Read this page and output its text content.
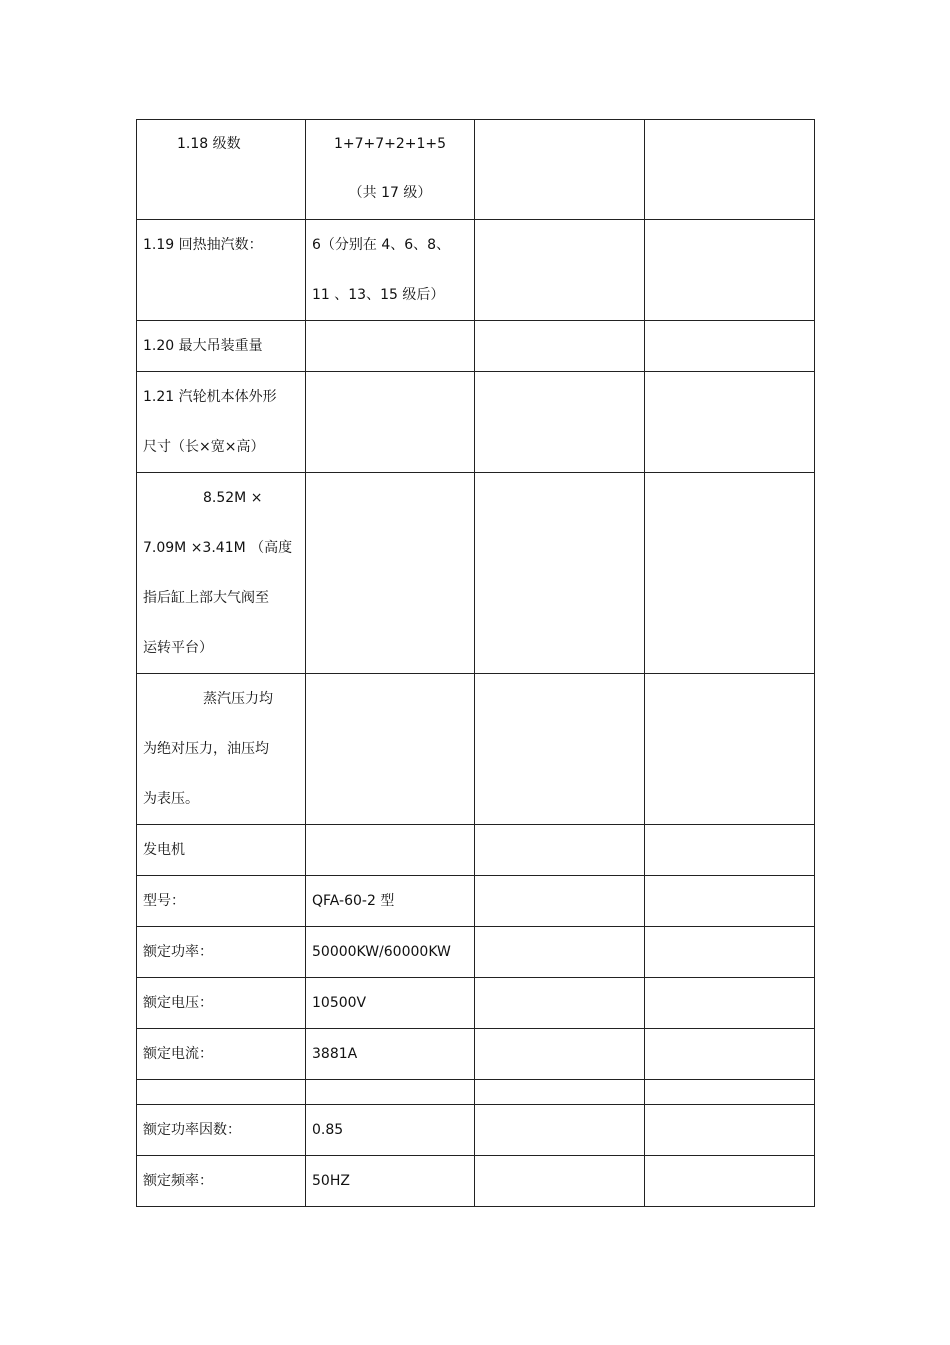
1.18 级数	1+7+7+2+1+5
（共 17 级）		

1.19 回热抽汽数：	6（分别在 4、6、8、
11 、13、15 级后）		

1.20 最大吊装重量			

1.21 汽轮机本体外形
尺寸（长×宽×高）			

8.52M ×
7.09M ×3.41M （高度
指后缸上部大气阀至
运转平台）			

蒸汽压力均
为绝对压力，油压均
为表压。			

发电机			

型号：	QFA-60-2 型		

额定功率：	50000KW/60000KW		

额定电压：	10500V		

额定电流：	3881A		

额定功率因数：	0.85		

额定频率：	50HZ		
